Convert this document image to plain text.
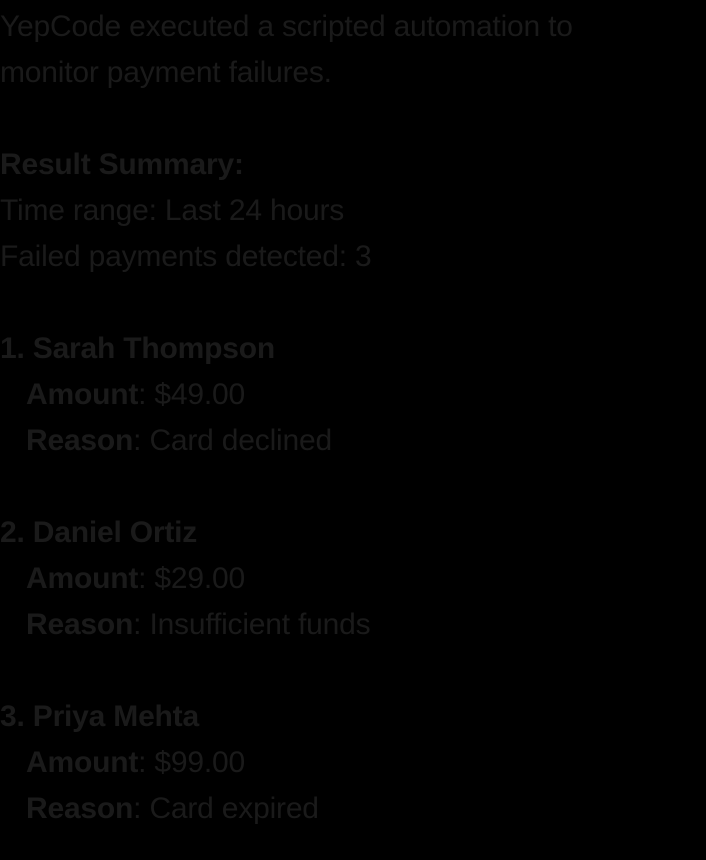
YepCode executed a scripted automation to
monitor payment failures.
Result Summary:
Time range: Last 24 hours
Failed payments detected: 3
1. Sarah Thompson
Amount: $49.00
Reason: Card declined
2. Daniel Ortiz
Amount: $29.00
Reason: Insufficient funds
3. Priya Mehta
Amount: $99.00
Reason: Card expired
